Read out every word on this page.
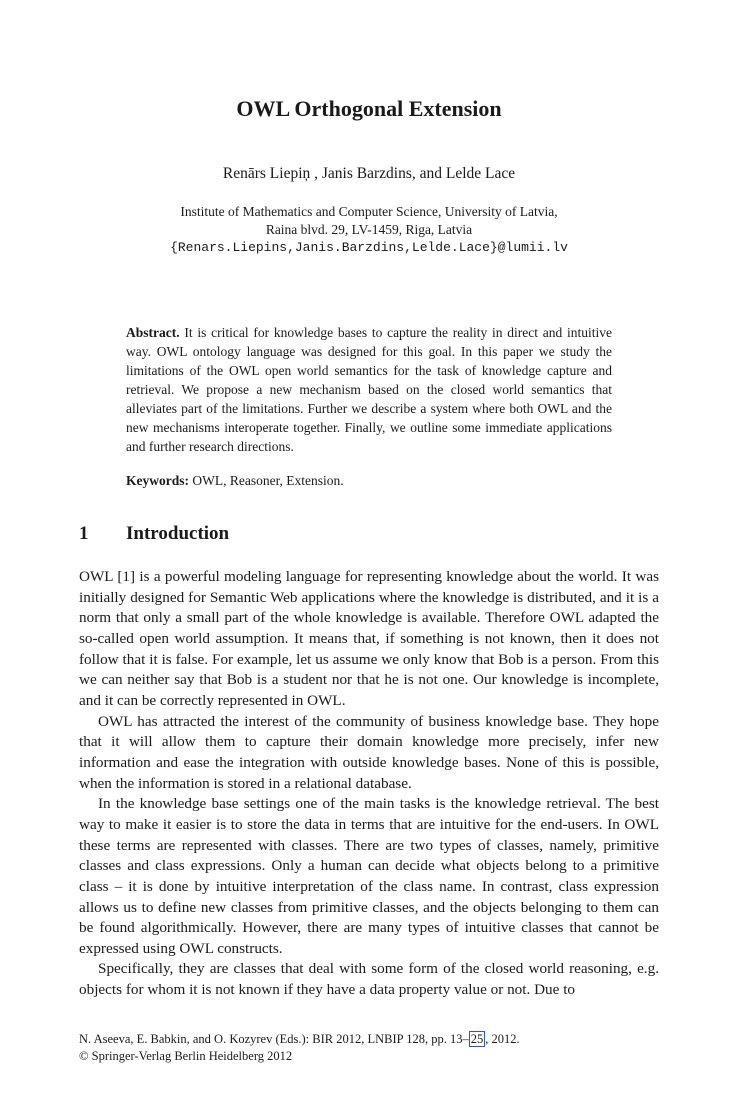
OWL Orthogonal Extension
Renārs Liepiņ , Janis Barzdins, and Lelde Lace
Institute of Mathematics and Computer Science, University of Latvia,
Raina blvd. 29, LV-1459, Riga, Latvia
{Renars.Liepins,Janis.Barzdins,Lelde.Lace}@lumii.lv
Abstract. It is critical for knowledge bases to capture the reality in direct and intuitive way. OWL ontology language was designed for this goal. In this paper we study the limitations of the OWL open world semantics for the task of knowledge capture and retrieval. We propose a new mechanism based on the closed world semantics that alleviates part of the limitations. Further we describe a system where both OWL and the new mechanisms interoperate together. Finally, we outline some immediate applications and further research directions.
Keywords: OWL, Reasoner, Extension.
1 Introduction

OWL [1] is a powerful modeling language for representing knowledge about the world. It was initially designed for Semantic Web applications where the knowledge is distributed, and it is a norm that only a small part of the whole knowledge is available. Therefore OWL adapted the so-called open world assumption. It means that, if something is not known, then it does not follow that it is false. For example, let us assume we only know that Bob is a person. From this we can neither say that Bob is a student nor that he is not one. Our knowledge is incomplete, and it can be correctly represented in OWL.

OWL has attracted the interest of the community of business knowledge base. They hope that it will allow them to capture their domain knowledge more precisely, infer new information and ease the integration with outside knowledge bases. None of this is possible, when the information is stored in a relational database.

In the knowledge base settings one of the main tasks is the knowledge retrieval. The best way to make it easier is to store the data in terms that are intuitive for the end-users. In OWL these terms are represented with classes. There are two types of classes, namely, primitive classes and class expressions. Only a human can decide what objects belong to a primitive class – it is done by intuitive interpretation of the class name. In contrast, class expression allows us to define new classes from primitive classes, and the objects belonging to them can be found algorithmically. However, there are many types of intuitive classes that cannot be expressed using OWL constructs.

Specifically, they are classes that deal with some form of the closed world reasoning, e.g. objects for whom it is not known if they have a data property value or not. Due to

N. Aseeva, E. Babkin, and O. Kozyrev (Eds.): BIR 2012, LNBIP 128, pp. 13– 25 , 2012.
© Springer-Verlag Berlin Heidelberg 2012
